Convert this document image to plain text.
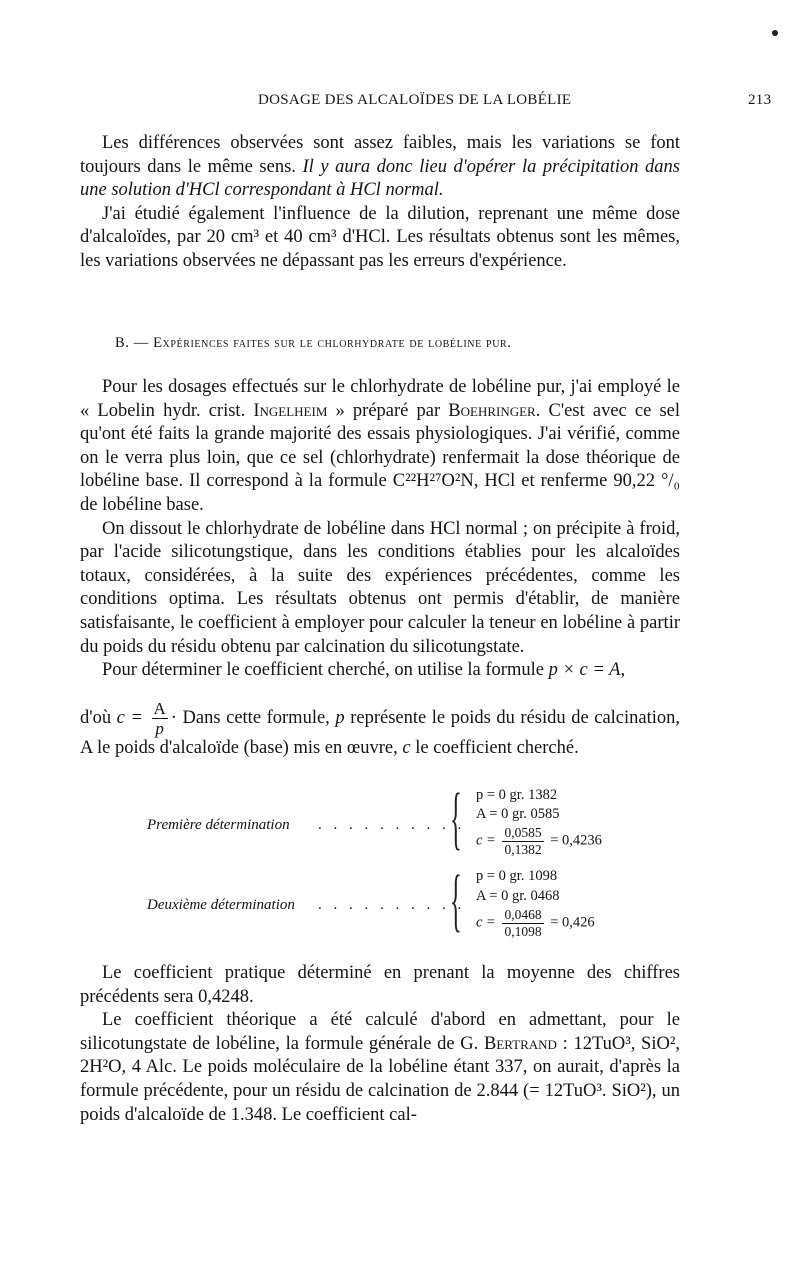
DOSAGE DES ALCALOÏDES DE LA LOBÉLIE	213

Les différences observées sont assez faibles, mais les variations se font toujours dans le même sens. Il y aura donc lieu d'opérer la précipitation dans une solution d'HCl correspondant à HCl normal.

J'ai étudié également l'influence de la dilution, reprenant une même dose d'alcaloïdes, par 20 cm³ et 40 cm³ d'HCl. Les résultats obtenus sont les mêmes, les variations observées ne dépassant pas les erreurs d'expérience.

B. — Expériences faites sur le chlorhydrate de lobéline pur.

Pour les dosages effectués sur le chlorhydrate de lobéline pur, j'ai employé le « Lobelin hydr. crist. Ingelheim » préparé par Boehringer. C'est avec ce sel qu'ont été faits la grande majorité des essais physiologiques. J'ai vérifié, comme on le verra plus loin, que ce sel (chlorhydrate) renfermait la dose théorique de lobéline base. Il correspond à la formule C²²H²⁷O²N, HCl et renferme 90,22 °/₀ de lobéline base.

On dissout le chlorhydrate de lobéline dans HCl normal ; on précipite à froid, par l'acide silicotungstique, dans les conditions établies pour les alcaloïdes totaux, considérées, à la suite des expériences précédentes, comme les conditions optima. Les résultats obtenus ont permis d'établir, de manière satisfaisante, le coefficient à employer pour calculer la teneur en lobéline à partir du poids du résidu obtenu par calcination du silicotungstate.

Pour déterminer le coefficient cherché, on utilise la formule p × c = A,

d'où $c = \frac{A}{p}$ · Dans cette formule, p représente le poids du résidu de calcination, A le poids d'alcaloïde (base) mis en œuvre, c le coefficient cherché.

Première détermination . . . . . . . . . .
{ p = 0 gr. 1382
A = 0 gr. 0585
$c = \frac{0,0585}{0,1382} = 0,4236$
Deuxième détermination . . . . . . . . . .
{ p = 0 gr. 1098
A = 0 gr. 0468
$c = \frac{0,0468}{0,1098} = 0,426$

Le coefficient pratique déterminé en prenant la moyenne des chiffres précédents sera 0,4248.

Le coefficient théorique a été calculé d'abord en admettant, pour le silicotungstate de lobéline, la formule générale de G. Bertrand : 12TuO³, SiO², 2H²O, 4 Alc. Le poids moléculaire de la lobéline étant 337, on aurait, d'après la formule précédente, pour un résidu de calcination de 2.844 (= 12TuO³. SiO²), un poids d'alcaloïde de 1.348. Le coefficient cal-
